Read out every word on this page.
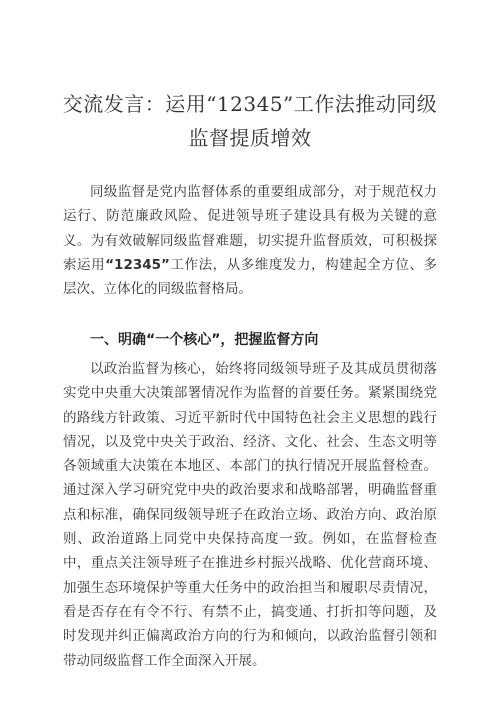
交流发言：运用“12345”工作法推动同级
监督提质增效

同级监督是党内监督体系的重要组成部分，对于规范权力运行、防范廉政风险、促进领导班子建设具有极为关键的意义。为有效破解同级监督难题，切实提升监督质效，可积极探索运用“12345”工作法，从多维度发力，构建起全方位、多层次、立体化的同级监督格局。

一、明确“一个核心”，把握监督方向

以政治监督为核心，始终将同级领导班子及其成员贯彻落实党中央重大决策部署情况作为监督的首要任务。紧紧围绕党的路线方针政策、习近平新时代中国特色社会主义思想的践行情况，以及党中央关于政治、经济、文化、社会、生态文明等各领域重大决策在本地区、本部门的执行情况开展监督检查。通过深入学习研究党中央的政治要求和战略部署，明确监督重点和标准，确保同级领导班子在政治立场、政治方向、政治原则、政治道路上同党中央保持高度一致。例如，在监督检查中，重点关注领导班子在推进乡村振兴战略、优化营商环境、加强生态环境保护等重大任务中的政治担当和履职尽责情况，看是否存在有令不行、有禁不止，搞变通、打折扣等问题，及时发现并纠正偏离政治方向的行为和倾向，以政治监督引领和带动同级监督工作全面深入开展。
